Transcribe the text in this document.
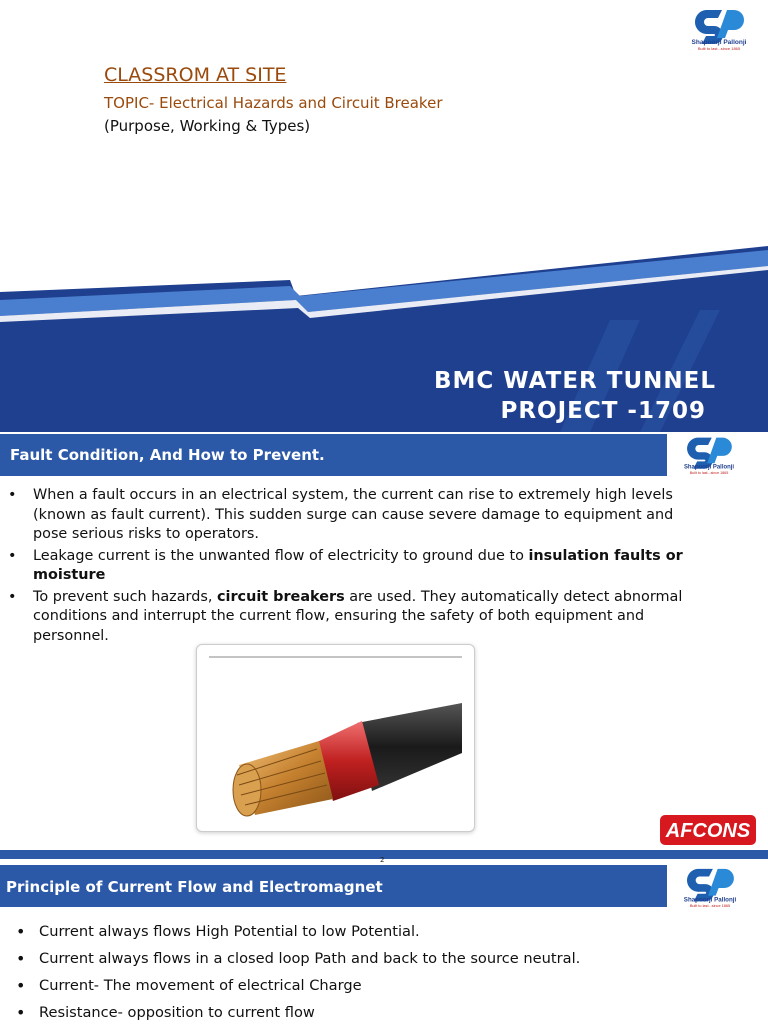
Shapoorji Pallonji
Built to last...since 1865
CLASSROM AT SITE
TOPIC- Electrical Hazards and Circuit Breaker
(Purpose, Working & Types)
BMC WATER TUNNEL
PROJECT -1709
Fault Condition, And How to Prevent.
Shapoorji Pallonji
Built to last...since 1865
• When a fault occurs in an electrical system, the current can rise to extremely high levels (known as fault current). This sudden surge can cause severe damage to equipment and pose serious risks to operators.
• Leakage current is the unwanted flow of electricity to ground due to insulation faults or moisture
• To prevent such hazards, circuit breakers are used. They automatically detect abnormal conditions and interrupt the current flow, ensuring the safety of both equipment and personnel.
AFCONS
2
Principle of Current Flow and Electromagnet
Shapoorji Pallonji
Built to last...since 1865
• Current always flows High Potential to low Potential.
• Current always flows in a closed loop Path and back to the source neutral.
• Current- The movement of electrical Charge
• Resistance- opposition to current flow
